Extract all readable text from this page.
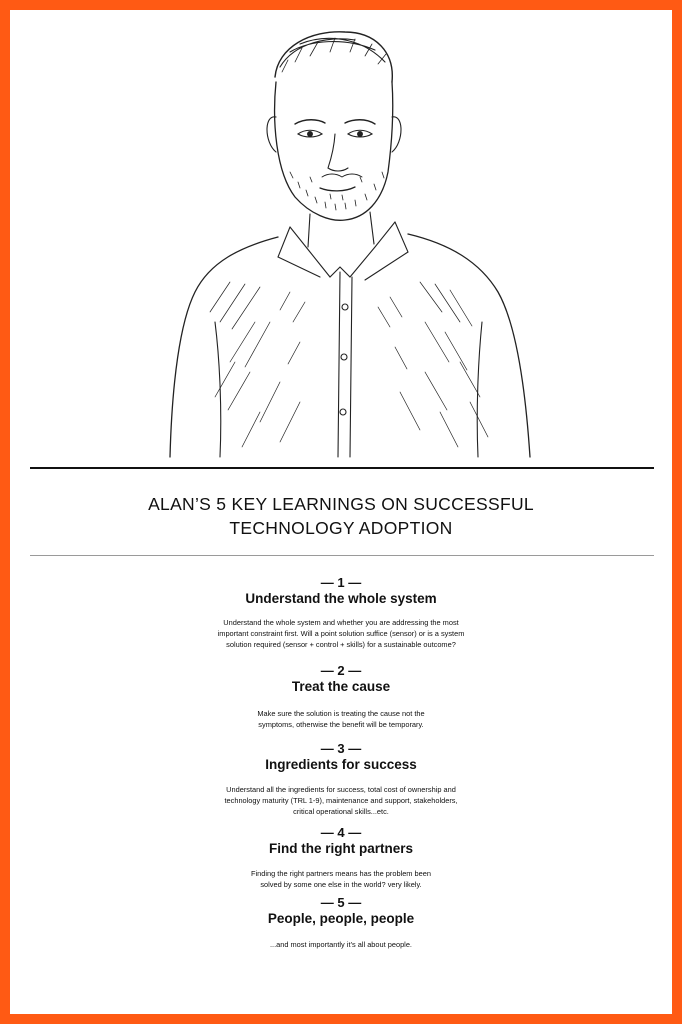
ALAN’S 5 KEY LEARNINGS ON SUCCESSFUL
TECHNOLOGY ADOPTION
— 1 —
Understand the whole system
Understand the whole system and whether you are addressing the most
important constraint first. Will a point solution suffice (sensor) or is a system
solution required (sensor + control + skills) for a sustainable outcome?
— 2 —
Treat the cause
Make sure the solution is treating the cause not the
symptoms, otherwise the benefit will be temporary.
— 3 —
Ingredients for success
Understand all the ingredients for success, total cost of ownership and
technology maturity (TRL 1-9), maintenance and support, stakeholders,
critical operational skills...etc.
— 4 —
Find the right partners
Finding the right partners means has the problem been
solved by some one else in the world? very likely.
— 5 —
People, people, people
...and most importantly it’s all about people.
